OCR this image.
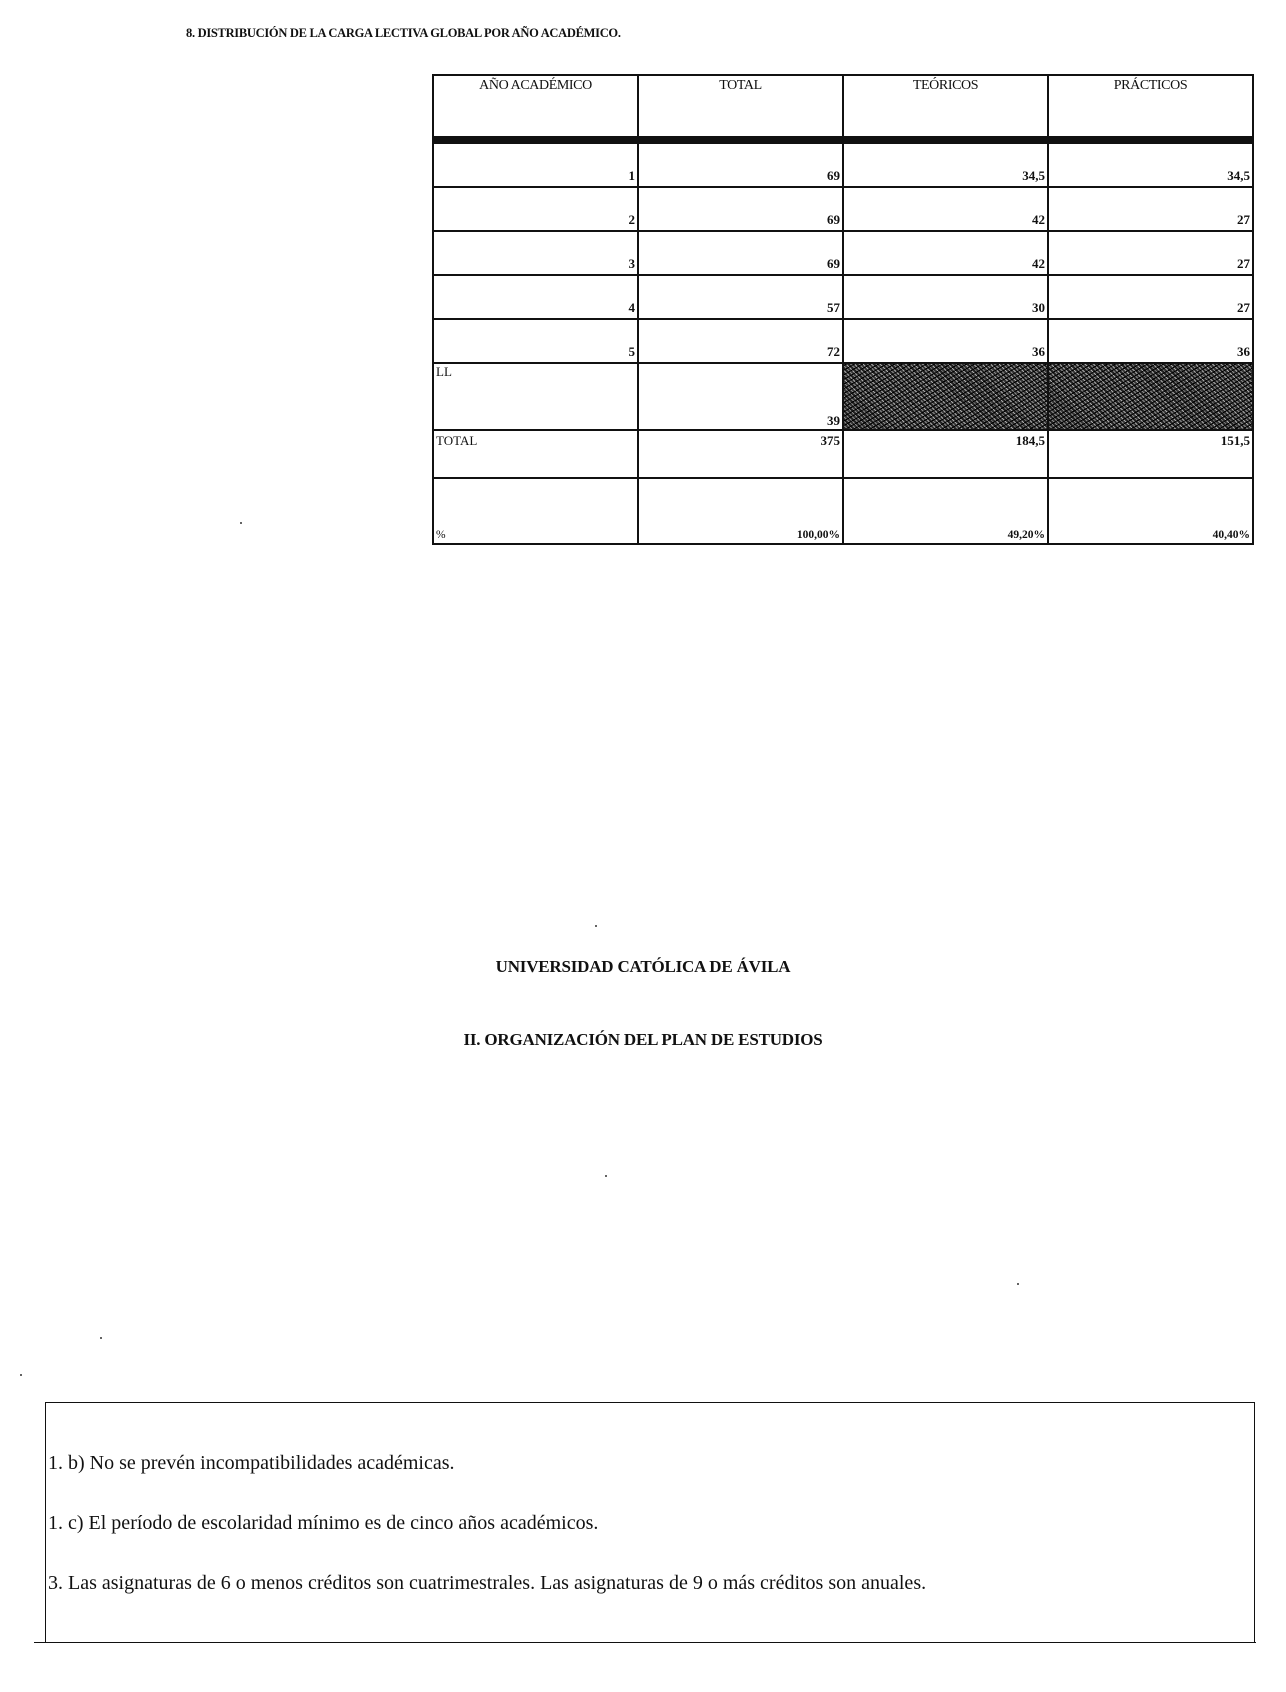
8. DISTRIBUCIÓN DE LA CARGA LECTIVA GLOBAL POR AÑO ACADÉMICO.
AÑO ACADÉMICO	TOTAL	TEÓRICOS	PRÁCTICOS

1	69	34,5	34,5
2	69	42	27
3	69	42	27
4	57	30	27
5	72	36	36
LL	39		
TOTAL	375	184,5	151,5
%	100,00%	49,20%	40,40%
UNIVERSIDAD CATÓLICA DE ÁVILA
II. ORGANIZACIÓN DEL PLAN DE ESTUDIOS
1. b) No se prevén incompatibilidades académicas.
1. c) El período de escolaridad mínimo es de cinco años académicos.
3. Las asignaturas de 6 o menos créditos son cuatrimestrales. Las asignaturas de 9 o más créditos son anuales.
